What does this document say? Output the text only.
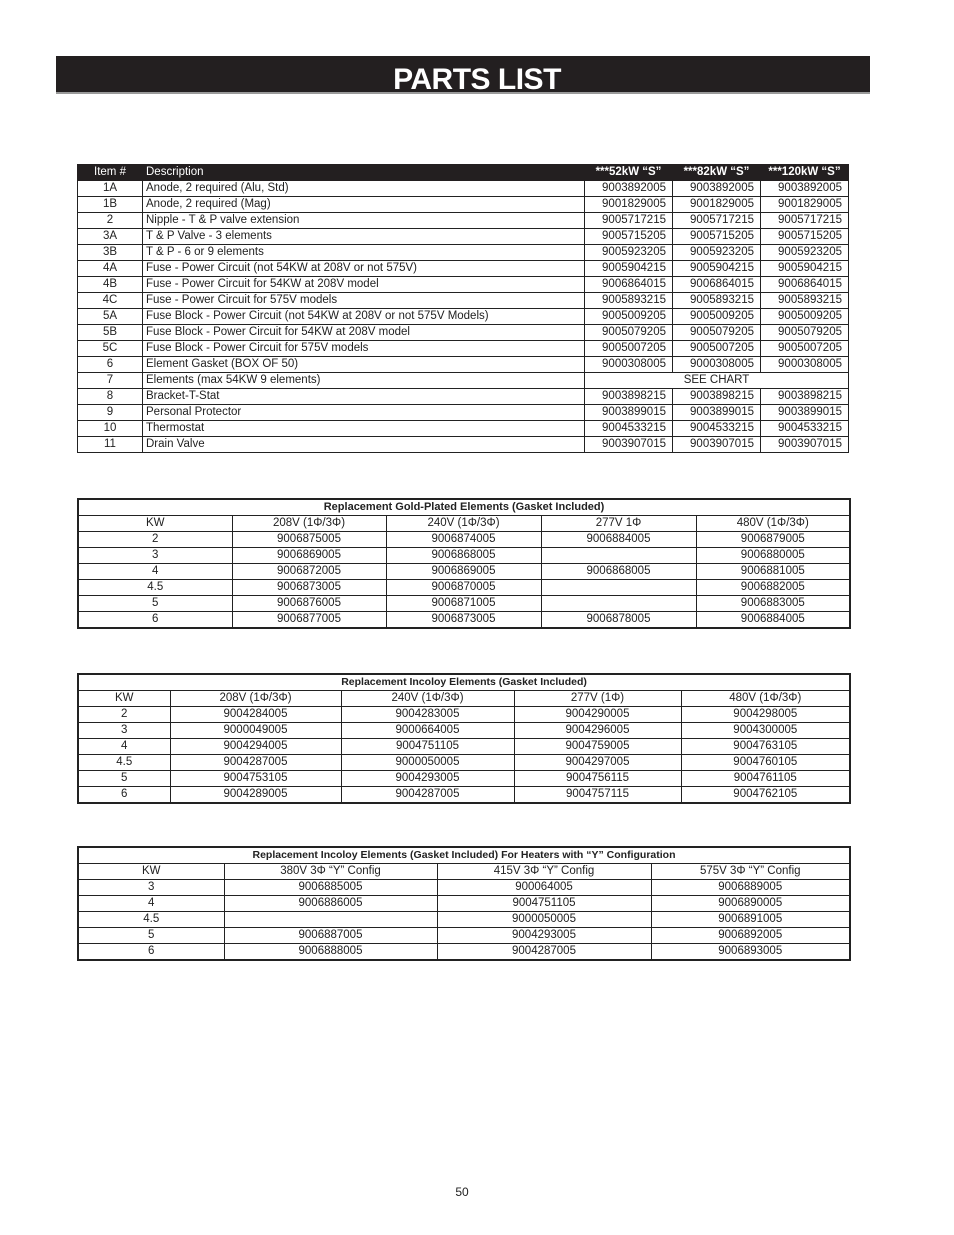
PARTS LIST
Item #	Description	***52kW “S”	***82kW “S”	***120kW “S”
1A	Anode, 2 required (Alu, Std)	9003892005	9003892005	9003892005
1B	Anode, 2 required (Mag)	9001829005	9001829005	9001829005
2	Nipple - T & P valve extension	9005717215	9005717215	9005717215
3A	T & P Valve - 3 elements	9005715205	9005715205	9005715205
3B	T & P - 6 or 9 elements	9005923205	9005923205	9005923205
4A	Fuse - Power Circuit (not 54KW at 208V or not 575V)	9005904215	9005904215	9005904215
4B	Fuse - Power Circuit for 54KW at 208V model	9006864015	9006864015	9006864015
4C	Fuse - Power Circuit for 575V models	9005893215	9005893215	9005893215
5A	Fuse Block - Power Circuit (not 54KW at 208V or not 575V Models)	9005009205	9005009205	9005009205
5B	Fuse Block - Power Circuit for 54KW at 208V model	9005079205	9005079205	9005079205
5C	Fuse Block - Power Circuit for 575V models	9005007205	9005007205	9005007205
6	Element Gasket (BOX OF 50)	9000308005	9000308005	9000308005
7	Elements (max 54KW 9 elements)	SEE CHART		
8	Bracket-T-Stat	9003898215	9003898215	9003898215
9	Personal Protector	9003899015	9003899015	9003899015
10	Thermostat	9004533215	9004533215	9004533215
11	Drain Valve	9003907015	9003907015	9003907015
Replacement Gold-Plated Elements (Gasket Included)				
KW	208V (1Φ/3Φ)	240V (1Φ/3Φ)	277V 1Φ	480V (1Φ/3Φ)
2	9006875005	9006874005	9006884005	9006879005
3	9006869005	9006868005		9006880005
4	9006872005	9006869005	9006868005	9006881005
4.5	9006873005	9006870005		9006882005
5	9006876005	9006871005		9006883005
6	9006877005	9006873005	9006878005	9006884005
Replacement Incoloy Elements (Gasket Included)				
KW	208V (1Φ/3Φ)	240V (1Φ/3Φ)	277V (1Φ)	480V (1Φ/3Φ)
2	9004284005	9004283005	9004290005	9004298005
3	9000049005	9000664005	9004296005	9004300005
4	9004294005	9004751105	9004759005	9004763105
4.5	9004287005	9000050005	9004297005	9004760105
5	9004753105	9004293005	9004756115	9004761105
6	9004289005	9004287005	9004757115	9004762105
Replacement Incoloy Elements (Gasket Included) For Heaters with “Y” Configuration			
KW	380V 3Φ “Y” Config	415V 3Φ “Y” Config	575V 3Φ “Y” Config
3	9006885005	900064005	9006889005
4	9006886005	9004751105	9006890005
4.5		9000050005	9006891005
5	9006887005	9004293005	9006892005
6	9006888005	9004287005	9006893005
50
